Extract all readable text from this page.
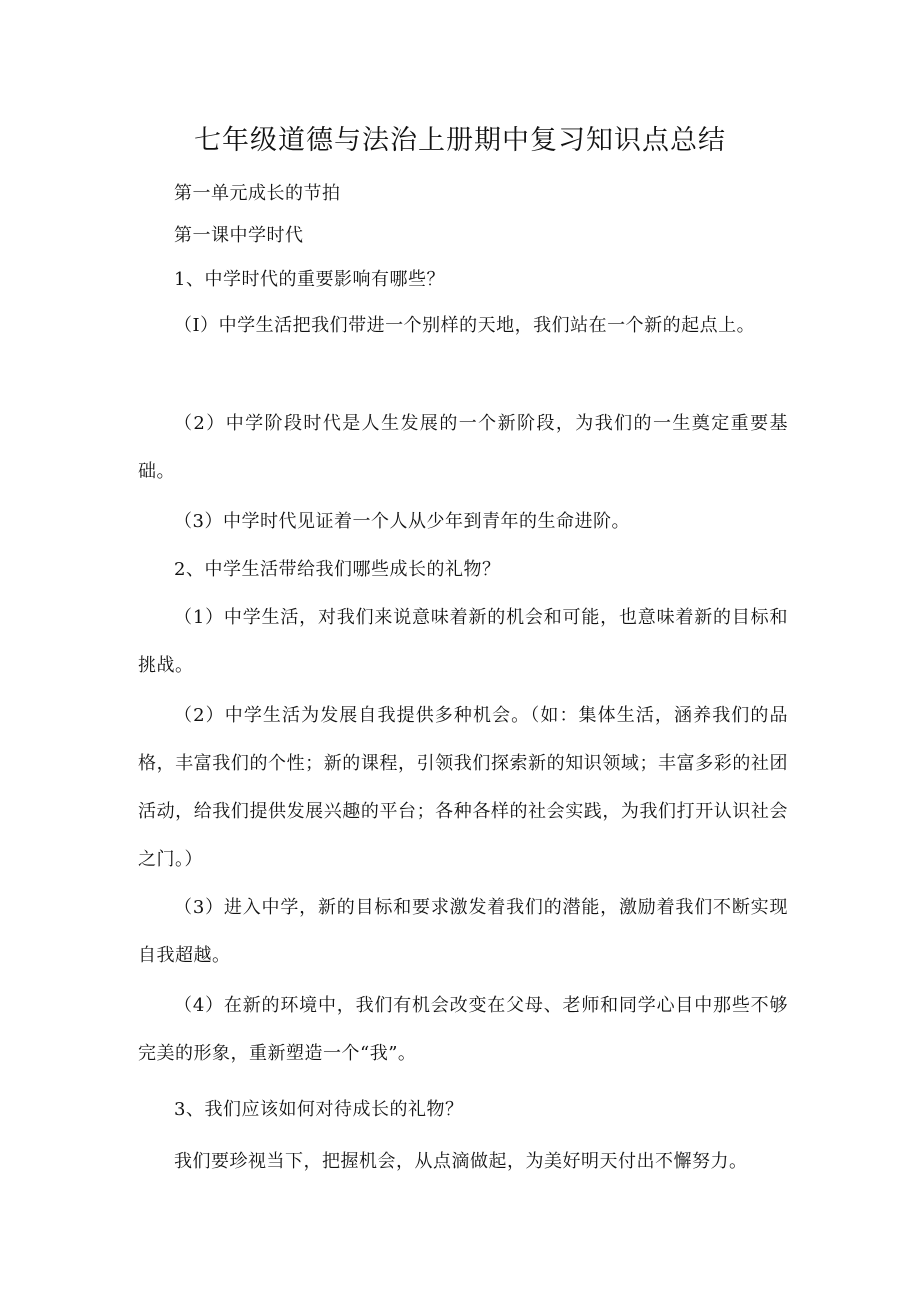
七年级道德与法治上册期中复习知识点总结

第一单元成长的节拍

第一课中学时代

1、中学时代的重要影响有哪些？

（I）中学生活把我们带进一个别样的天地，我们站在一个新的起点上。

（2）中学阶段时代是人生发展的一个新阶段，为我们的一生奠定重要基础。

（3）中学时代见证着一个人从少年到青年的生命进阶。

2、中学生活带给我们哪些成长的礼物？

（1）中学生活，对我们来说意味着新的机会和可能，也意味着新的目标和挑战。

（2）中学生活为发展自我提供多种机会。（如：集体生活，涵养我们的品格，丰富我们的个性；新的课程，引领我们探索新的知识领域；丰富多彩的社团活动，给我们提供发展兴趣的平台；各种各样的社会实践，为我们打开认识社会之门。）

（3）进入中学，新的目标和要求激发着我们的潜能，激励着我们不断实现自我超越。

（4）在新的环境中，我们有机会改变在父母、老师和同学心目中那些不够完美的形象，重新塑造一个“我”。

3、我们应该如何对待成长的礼物？

我们要珍视当下，把握机会，从点滴做起，为美好明天付出不懈努力。
